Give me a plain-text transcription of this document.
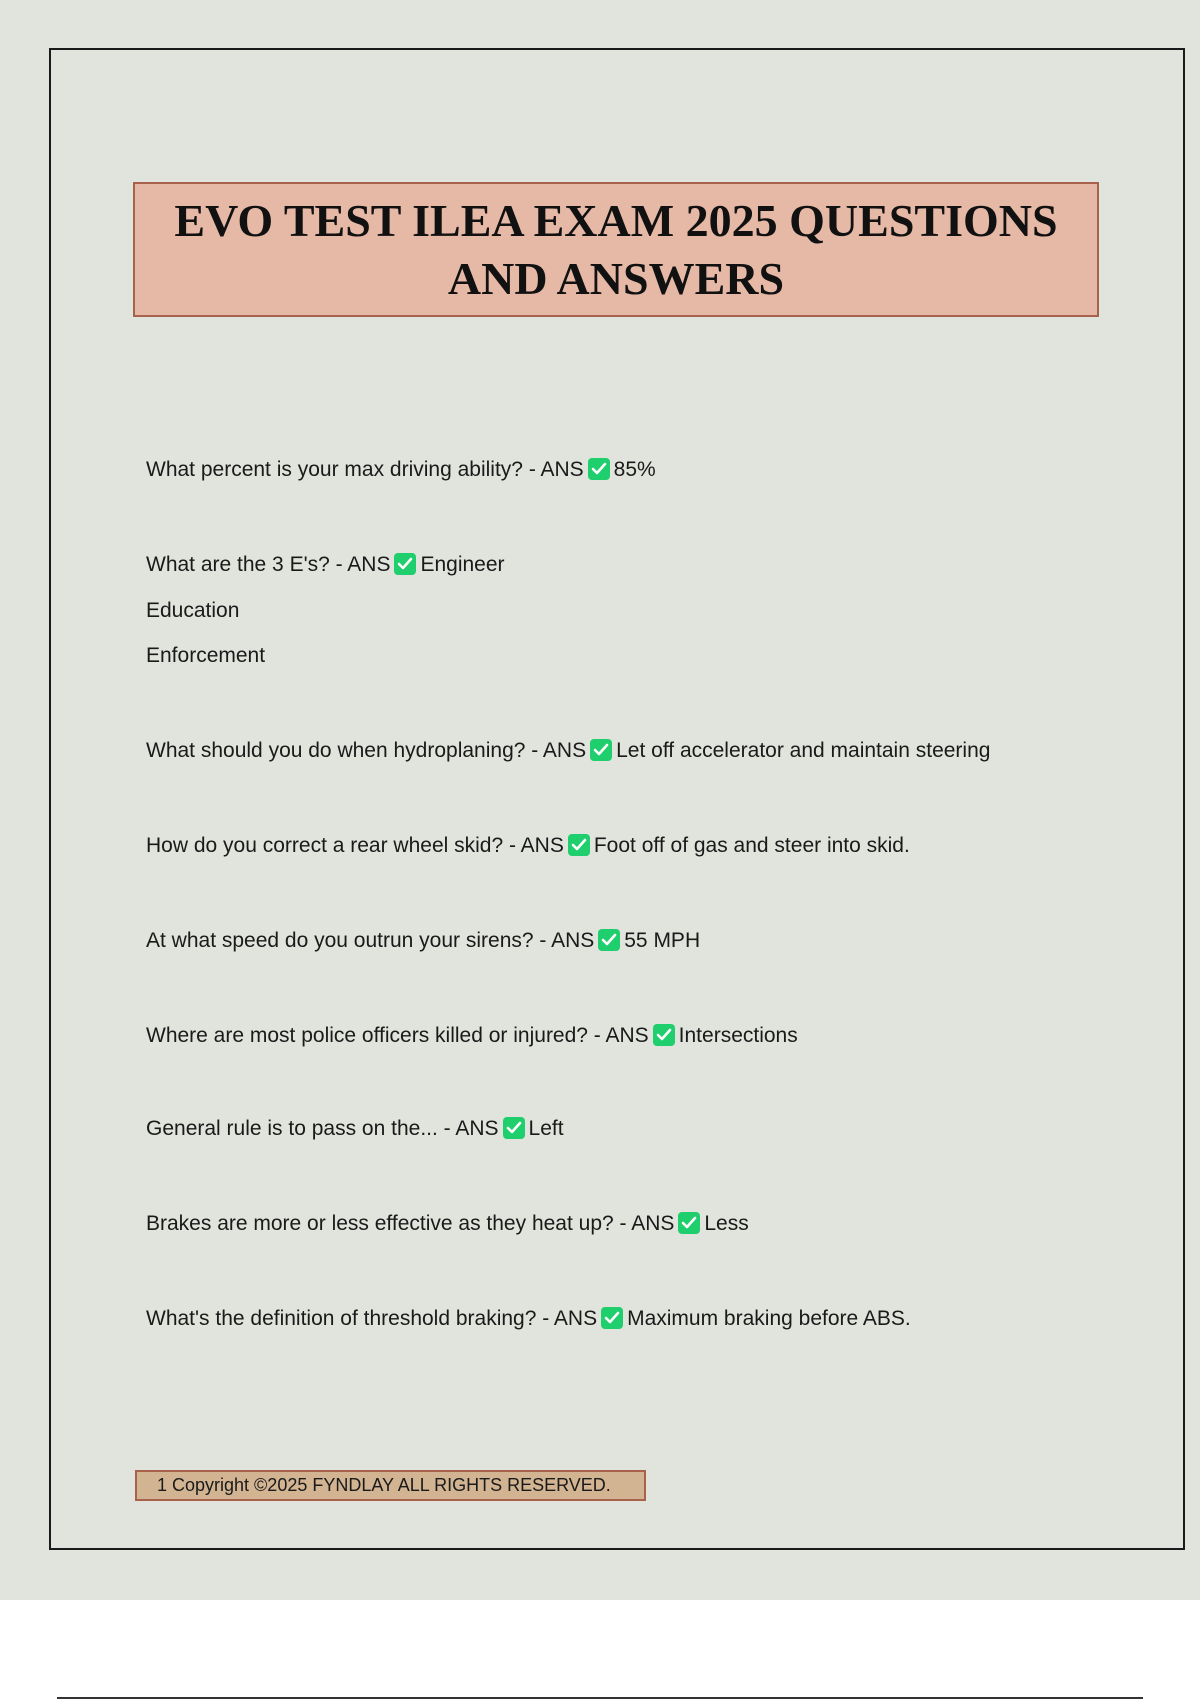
EVO TEST ILEA EXAM 2025 QUESTIONS AND ANSWERS
What percent is your max driving ability? - ANS 85%
What are the 3 E's? - ANS Engineer
Education
Enforcement
What should you do when hydroplaning? - ANS Let off accelerator and maintain steering
How do you correct a rear wheel skid? - ANS Foot off of gas and steer into skid.
At what speed do you outrun your sirens? - ANS 55 MPH
Where are most police officers killed or injured? - ANS Intersections
General rule is to pass on the... - ANS Left
Brakes are more or less effective as they heat up? - ANS Less
What's the definition of threshold braking? - ANS Maximum braking before ABS.
1 Copyright ©2025 FYNDLAY ALL RIGHTS RESERVED.
